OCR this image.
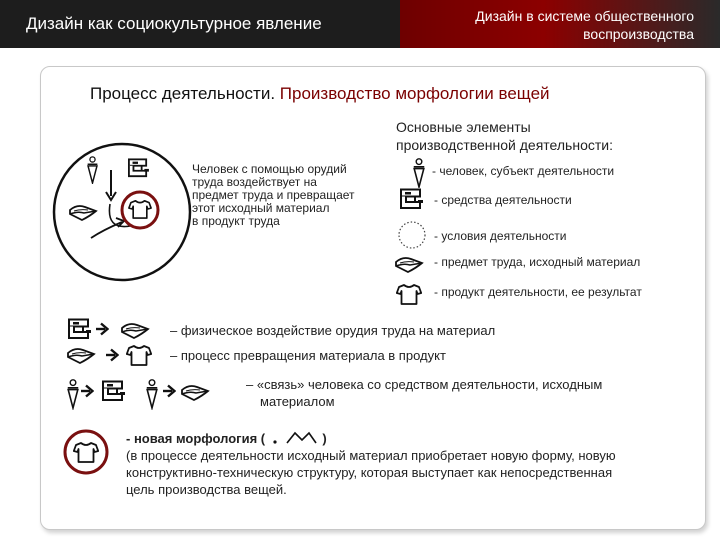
Дизайн как социокультурное явление	Дизайн в системе общественного
воспроизводства
Процесс деятельности. Производство морфологии вещей
Человек с помощью орудий
труда воздействует на
предмет труда и превращает
этот исходный материал
в продукт труда
Основные элементы
производственной деятельности:
- человек, субъект деятельности
- средства деятельности
- условия деятельности
- предмет труда, исходный материал
- продукт деятельности, ее результат
– физическое воздействие орудия труда на материал
– процесс превращения материала в продукт
– «связь» человека со средством деятельности, исходным
материалом
- новая морфология (	)
(в процессе деятельности исходный материал приобретает новую форму, новую
конструктивно-техническую структуру, которая выступает как непосредственная
цель производства вещей.
